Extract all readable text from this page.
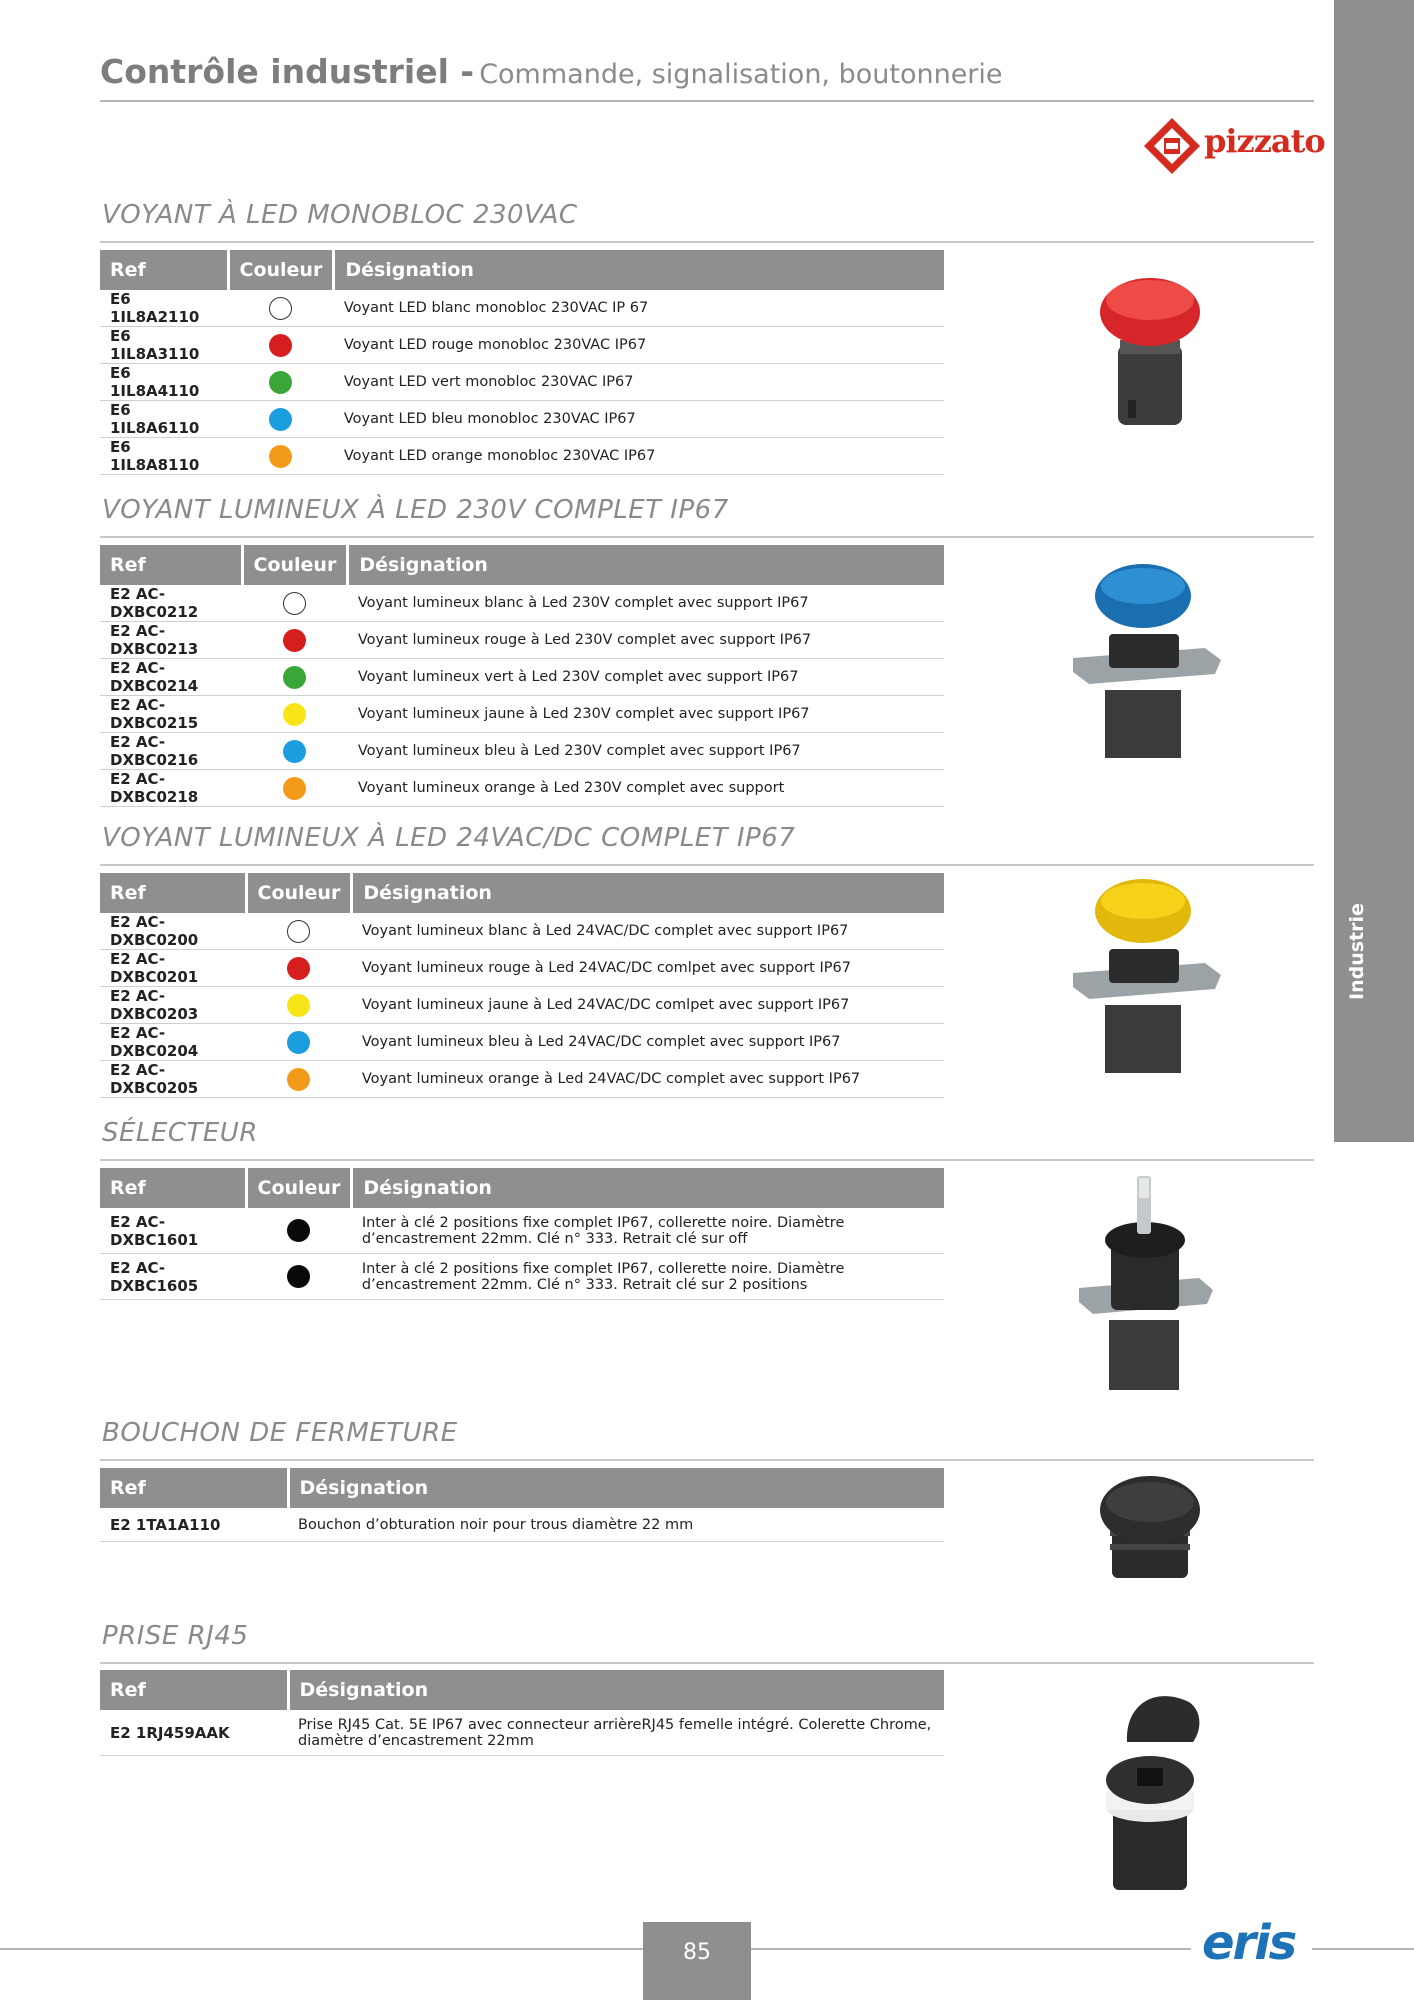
Contrôle industriel - Commande, signalisation, boutonnerie
Industrie
pizzato
VOYANT À LED MONOBLOC 230VAC
Ref	Couleur	Désignation
E6 1IL8A2110		Voyant LED blanc monobloc 230VAC IP 67
E6 1IL8A3110		Voyant LED rouge monobloc 230VAC IP67
E6 1IL8A4110		Voyant LED vert monobloc 230VAC IP67
E6 1IL8A6110		Voyant LED bleu monobloc 230VAC IP67
E6 1IL8A8110		Voyant LED orange monobloc 230VAC IP67
VOYANT LUMINEUX À LED 230V COMPLET IP67
Ref	Couleur	Désignation
E2 AC-DXBC0212		Voyant lumineux blanc à Led 230V complet avec support IP67
E2 AC-DXBC0213		Voyant lumineux rouge à Led 230V complet avec support IP67
E2 AC-DXBC0214		Voyant lumineux vert à Led 230V complet avec support IP67
E2 AC-DXBC0215		Voyant lumineux jaune à Led 230V complet avec support IP67
E2 AC-DXBC0216		Voyant lumineux bleu à Led 230V complet avec support IP67
E2 AC-DXBC0218		Voyant lumineux orange à Led 230V complet avec support
VOYANT LUMINEUX À LED 24VAC/DC COMPLET IP67
Ref	Couleur	Désignation
E2 AC-DXBC0200		Voyant lumineux blanc à Led 24VAC/DC complet avec support IP67
E2 AC-DXBC0201		Voyant lumineux rouge à Led 24VAC/DC comlpet avec support IP67
E2 AC-DXBC0203		Voyant lumineux jaune à Led 24VAC/DC comlpet avec support IP67
E2 AC-DXBC0204		Voyant lumineux bleu à Led 24VAC/DC complet avec support IP67
E2 AC-DXBC0205		Voyant lumineux orange à Led 24VAC/DC complet avec support IP67
SÉLECTEUR
Ref	Couleur	Désignation
E2 AC-DXBC1601		Inter à clé 2 positions fixe complet IP67, collerette noire. Diamètre d’encastrement 22mm. Clé n° 333. Retrait clé sur off
E2 AC-DXBC1605		Inter à clé 2 positions fixe complet IP67, collerette noire. Diamètre d’encastrement 22mm. Clé n° 333. Retrait clé sur 2 positions
BOUCHON DE FERMETURE
Ref	Désignation
E2 1TA1A110	Bouchon d’obturation noir pour trous diamètre 22 mm
PRISE RJ45
Ref	Désignation
E2 1RJ459AAK	Prise RJ45 Cat. 5E IP67 avec connecteur arrièreRJ45 femelle intégré. Colerette Chrome, diamètre d’encastrement 22mm
85	eris
